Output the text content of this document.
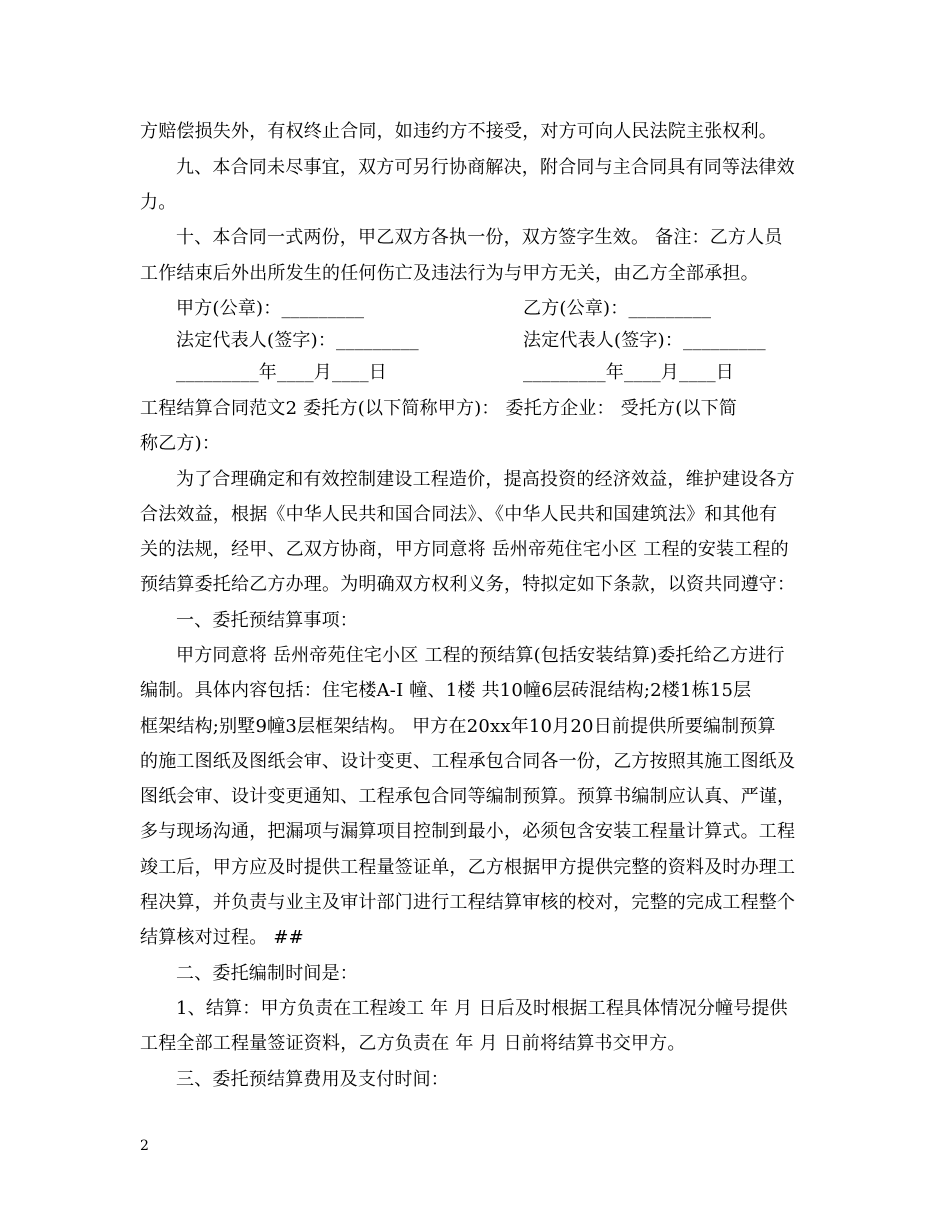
方赔偿损失外，有权终止合同，如违约方不接受，对方可向人民法院主张权利。
九、本合同未尽事宜，双方可另行协商解决，附合同与主合同具有同等法律效
力。
十、本合同一式两份，甲乙双方各执一份，双方签字生效。 备注：乙方人员
工作结束后外出所发生的任何伤亡及违法行为与甲方无关，由乙方全部承担。
甲方(公章)：_________	乙方(公章)：_________
法定代表人(签字)：_________	法定代表人(签字)：_________
_________年____月____日	_________年____月____日
工程结算合同范文2 委托方(以下简称甲方)： 委托方企业： 受托方(以下简
称乙方)：
为了合理确定和有效控制建设工程造价，提高投资的经济效益，维护建设各方
合法效益，根据《中华人民共和国合同法》、《中华人民共和国建筑法》和其他有
关的法规，经甲、乙双方协商，甲方同意将 岳州帝苑住宅小区 工程的安装工程的
预结算委托给乙方办理。为明确双方权利义务，特拟定如下条款，以资共同遵守：
一、委托预结算事项：
甲方同意将 岳州帝苑住宅小区 工程的预结算(包括安装结算)委托给乙方进行
编制。具体内容包括：住宅楼A-Ⅰ 幢、1楼 共10幢6层砖混结构;2楼1栋15层
框架结构;别墅9幢3层框架结构。 甲方在20xx年10月20日前提供所要编制预算
的施工图纸及图纸会审、设计变更、工程承包合同各一份，乙方按照其施工图纸及
图纸会审、设计变更通知、工程承包合同等编制预算。预算书编制应认真、严谨，
多与现场沟通，把漏项与漏算项目控制到最小，必须包含安装工程量计算式。工程
竣工后，甲方应及时提供工程量签证单，乙方根据甲方提供完整的资料及时办理工
程决算，并负责与业主及审计部门进行工程结算审核的校对，完整的完成工程整个
结算核对过程。 ##
二、委托编制时间是：
1、结算：甲方负责在工程竣工 年 月 日后及时根据工程具体情况分幢号提供
工程全部工程量签证资料，乙方负责在 年 月 日前将结算书交甲方。
三、委托预结算费用及支付时间：
2
